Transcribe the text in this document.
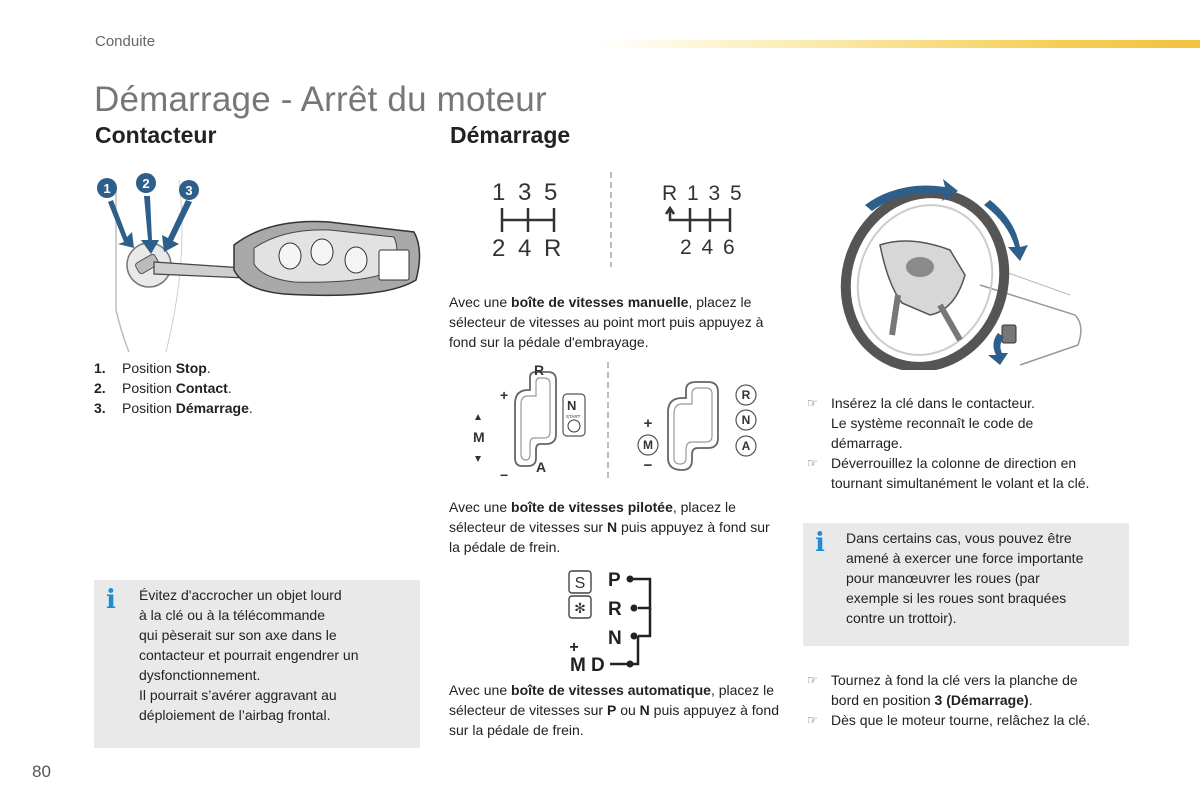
Conduite
Démarrage - Arrêt du moteur
Contacteur
1 2	3
1.	Position Stop.
2.	Position Contact.
3.	Position Démarrage.
i Évitez d'accrocher un objet lourd
à la clé ou à la télécommande
qui pèserait sur son axe dans le
contacteur et pourrait engendrer un
dysfonctionnement.
Il pourrait s’avérer aggravant au
déploiement de l’airbag frontal.
Démarrage
1 3 5
2 4 R
R 1 3 5
2 4 6
Avec une boîte de vitesses manuelle, placez le sélecteur de vitesses au point mort puis appuyez à fond sur la pédale d'embrayage.
R
A
+
−
M
N
START
R
N
A
M
+
−
Avec une boîte de vitesses pilotée, placez le sélecteur de vitesses sur N puis appuyez à fond sur la pédale de frein.
S
✻
P
R
N
M D
+
Avec une boîte de vitesses automatique, placez le sélecteur de vitesses sur P ou N puis appuyez à fond sur la pédale de frein.
☞ Insérez la clé dans le contacteur.
Le système reconnaît le code de
démarrage.
☞ Déverrouillez la colonne de direction en
tournant simultanément le volant et la clé.
i Dans certains cas, vous pouvez être
amené à exercer une force importante
pour manœuvrer les roues (par
exemple si les roues sont braquées
contre un trottoir).
☞ Tournez à fond la clé vers la planche de
bord en position 3 (Démarrage).
☞ Dès que le moteur tourne, relâchez la clé.
80
